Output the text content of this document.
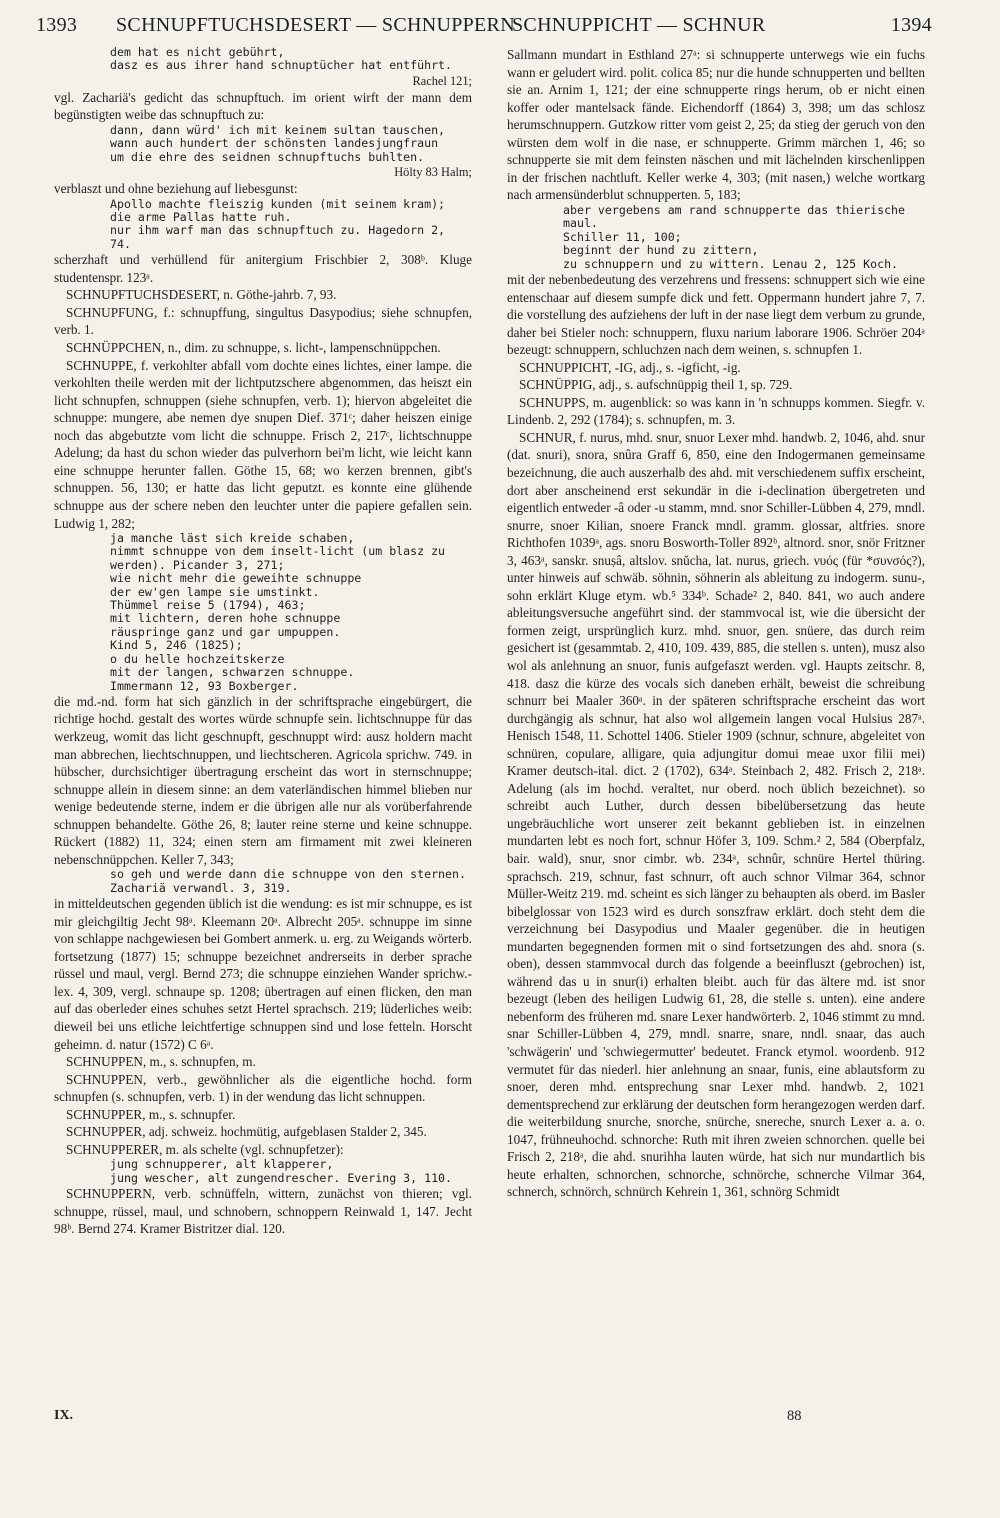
1393 SCHNUPFTUCHSDESERT — SCHNUPPERN
SCHNUPPICHT — SCHNUR	1394

dem hat es nicht gebührt,
dasz es aus ihrer hand schnuptücher hat entführt.

Rachel 121;

vgl. Zachariä's gedicht das schnupftuch. im orient wirft der mann dem begünstigten weibe das schnupftuch zu:

dann, dann würd' ich mit keinem sultan tauschen,
wann auch hundert der schönsten landesjungfraun
um die ehre des seidnen schnupftuchs buhlten.

Hölty 83 Halm;

verblaszt und ohne beziehung auf liebesgunst:

Apollo machte fleiszig kunden (mit seinem kram);
die arme Pallas hatte ruh.
nur ihm warf man das schnupftuch zu. Hagedorn 2, 74.

scherzhaft und verhüllend für anitergium Frischbier 2, 308ᵇ. Kluge studentenspr. 123ᵃ.

SCHNUPFTUCHSDESERT, n. Göthe-jahrb. 7, 93.

SCHNUPFUNG, f.: schnupffung, singultus Dasypodius; siehe schnupfen, verb. 1.

SCHNÜPPCHEN, n., dim. zu schnuppe, s. licht-, lampenschnüppchen.

SCHNUPPE, f. verkohlter abfall vom dochte eines lichtes, einer lampe. die verkohlten theile werden mit der lichtputzschere abgenommen, das heiszt ein licht schnupfen, schnuppen (siehe schnupfen, verb. 1); hiervon abgeleitet die schnuppe: mungere, abe nemen dye snupen Dief. 371ᶜ; daher heiszen einige noch das abgebutzte vom licht die schnuppe. Frisch 2, 217ᶜ, lichtschnuppe Adelung; da hast du schon wieder das pulverhorn bei'm licht, wie leicht kann eine schnuppe herunter fallen. Göthe 15, 68; wo kerzen brennen, gibt's schnuppen. 56, 130; er hatte das licht geputzt. es konnte eine glühende schnuppe aus der schere neben den leuchter unter die papiere gefallen sein. Ludwig 1, 282;

ja manche läst sich kreide schaben,
nimmt schnuppe von dem inselt-licht (um blasz zu werden). Picander 3, 271;

wie nicht mehr die geweihte schnuppe
der ew'gen lampe sie umstinkt.
Thümmel reise 5 (1794), 463;

mit lichtern, deren hohe schnuppe
räuspringe ganz und gar umpuppen.
Kind 5, 246 (1825);

o du helle hochzeitskerze
mit der langen, schwarzen schnuppe.
Immermann 12, 93 Boxberger.

die md.-nd. form hat sich gänzlich in der schriftsprache eingebürgert, die richtige hochd. gestalt des wortes würde schnupfe sein. lichtschnuppe für das werkzeug, womit das licht geschnupft, geschnuppt wird: ausz holdern macht man abbrechen, liechtschnuppen, und liechtscheren. Agricola sprichw. 749. in hübscher, durchsichtiger übertragung erscheint das wort in sternschnuppe; schnuppe allein in diesem sinne: an dem vaterländischen himmel blieben nur wenige bedeutende sterne, indem er die übrigen alle nur als vorüberfahrende schnuppen behandelte. Göthe 26, 8; lauter reine sterne und keine schnuppe. Rückert (1882) 11, 324; einen stern am firmament mit zwei kleineren nebenschnüppchen. Keller 7, 343;

so geh und werde dann die schnuppe von den sternen.
Zachariä verwandl. 3, 319.

in mitteldeutschen gegenden üblich ist die wendung: es ist mir schnuppe, es ist mir gleichgiltig Jecht 98ᵃ. Kleemann 20ᵃ. Albrecht 205ᵃ. schnuppe im sinne von schlappe nachgewiesen bei Gombert anmerk. u. erg. zu Weigands wörterb. fortsetzung (1877) 15; schnuppe bezeichnet andrerseits in derber sprache rüssel und maul, vergl. Bernd 273; die schnuppe einziehen Wander sprichw.-lex. 4, 309, vergl. schnaupe sp. 1208; übertragen auf einen flicken, den man auf das oberleder eines schuhes setzt Hertel sprachsch. 219; lüderliches weib: dieweil bei uns etliche leichtfertige schnuppen sind und lose fetteln. Horscht geheimn. d. natur (1572) C 6ᵃ.

SCHNUPPEN, m., s. schnupfen, m.

SCHNUPPEN, verb., gewöhnlicher als die eigentliche hochd. form schnupfen (s. schnupfen, verb. 1) in der wendung das licht schnuppen.

SCHNUPPER, m., s. schnupfer.

SCHNUPPER, adj. schweiz. hochmütig, aufgeblasen Stalder 2, 345.

SCHNUPPERER, m. als schelte (vgl. schnupfetzer):

jung schnupperer, alt klapperer,
jung wescher, alt zungendrescher. Evering 3, 110.

SCHNUPPERN, verb. schnüffeln, wittern, zunächst von thieren; vgl. schnuppe, rüssel, maul, und schnobern, schnoppern Reinwald 1, 147. Jecht 98ᵇ. Bernd 274. Kramer Bistritzer dial. 120.

Sallmann mundart in Esthland 27ᵃ: si schnupperte unterwegs wie ein fuchs wann er geludert wird. polit. colica 85; nur die hunde schnupperten und bellten sie an. Arnim 1, 121; der eine schnupperte rings herum, ob er nicht einen koffer oder mantelsack fände. Eichendorff (1864) 3, 398; um das schlosz herumschnuppern. Gutzkow ritter vom geist 2, 25; da stieg der geruch von den würsten dem wolf in die nase, er schnupperte. Grimm märchen 1, 46; so schnupperte sie mit dem feinsten näschen und mit lächelnden kirschenlippen in der frischen nachtluft. Keller werke 4, 303; (mit nasen,) welche wortkarg nach armensünderblut schnupperten. 5, 183;

aber vergebens am rand schnupperte das thierische maul.
Schiller 11, 100;

beginnt der hund zu zittern,
zu schnuppern und zu wittern. Lenau 2, 125 Koch.

mit der nebenbedeutung des verzehrens und fressens: schnuppert sich wie eine entenschaar auf diesem sumpfe dick und fett. Oppermann hundert jahre 7, 7. die vorstellung des aufziehens der luft in der nase liegt dem verbum zu grunde, daher bei Stieler noch: schnuppern, fluxu narium laborare 1906. Schröer 204ᵃ bezeugt: schnuppern, schluchzen nach dem weinen, s. schnupfen 1.

SCHNUPPICHT, -IG, adj., s. -igficht, -ig.

SCHNÜPPIG, adj., s. aufschnüppig theil 1, sp. 729.

SCHNUPPS, m. augenblick: so was kann in 'n schnupps kommen. Siegfr. v. Lindenb. 2, 292 (1784); s. schnupfen, m. 3.

SCHNUR, f. nurus, mhd. snur, snuor Lexer mhd. handwb. 2, 1046, ahd. snur (dat. snuri), snora, snûra Graff 6, 850, eine den Indogermanen gemeinsame bezeichnung, die auch auszerhalb des ahd. mit verschiedenem suffix erscheint, dort aber anscheinend erst sekundär in die i-declination übergetreten und eigentlich entweder -â oder -u stamm, mnd. snor Schiller-Lübben 4, 279, mndl. snurre, snoer Kilian, snoere Franck mndl. gramm. glossar, altfries. snore Richthofen 1039ᵃ, ags. snoru Bosworth-Toller 892ᵇ, altnord. snor, snör Fritzner 3, 463ᵃ, sanskr. snuṣâ, altslov. snŭcha, lat. nurus, griech. νυός (für *συνσός?), unter hinweis auf schwäb. söhnin, söhnerin als ableitung zu indogerm. sunu-, sohn erklärt Kluge etym. wb.⁵ 334ᵇ. Schade² 2, 840. 841, wo auch andere ableitungsversuche angeführt sind. der stammvocal ist, wie die übersicht der formen zeigt, ursprünglich kurz. mhd. snuor, gen. snüere, das durch reim gesichert ist (gesammtab. 2, 410, 109. 439, 885, die stellen s. unten), musz also wol als anlehnung an snuor, funis aufgefaszt werden. vgl. Haupts zeitschr. 8, 418. dasz die kürze des vocals sich daneben erhält, beweist die schreibung schnurr bei Maaler 360ᵃ. in der späteren schriftsprache erscheint das wort durchgängig als schnur, hat also wol allgemein langen vocal Hulsius 287ᵃ. Henisch 1548, 11. Schottel 1406. Stieler 1909 (schnur, schnure, abgeleitet von schnüren, copulare, alligare, quia adjungitur domui meae uxor filii mei) Kramer deutsch-ital. dict. 2 (1702), 634ᵃ. Steinbach 2, 482. Frisch 2, 218ᵃ. Adelung (als im hochd. veraltet, nur oberd. noch üblich bezeichnet). so schreibt auch Luther, durch dessen bibelübersetzung das heute ungebräuchliche wort unserer zeit bekannt geblieben ist. in einzelnen mundarten lebt es noch fort, schnur Höfer 3, 109. Schm.² 2, 584 (Oberpfalz, bair. wald), snur, snor cimbr. wb. 234ᵃ, schnûr, schnüre Hertel thüring. sprachsch. 219, schnur, fast schnurr, oft auch schnor Vilmar 364, schnor Müller-Weitz 219. md. scheint es sich länger zu behaupten als oberd. im Basler bibelglossar von 1523 wird es durch sonszfraw erklärt. doch steht dem die verzeichnung bei Dasypodius und Maaler gegenüber. die in heutigen mundarten begegnenden formen mit o sind fortsetzungen des ahd. snora (s. oben), dessen stammvocal durch das folgende a beeinfluszt (gebrochen) ist, während das u in snur(i) erhalten bleibt. auch für das ältere md. ist snor bezeugt (leben des heiligen Ludwig 61, 28, die stelle s. unten). eine andere nebenform des früheren md. snare Lexer handwörterb. 2, 1046 stimmt zu mnd. snar Schiller-Lübben 4, 279, mndl. snarre, snare, nndl. snaar, das auch 'schwägerin' und 'schwiegermutter' bedeutet. Franck etymol. woordenb. 912 vermutet für das niederl. hier anlehnung an snaar, funis, eine ablautsform zu snoer, deren mhd. entsprechung snar Lexer mhd. handwb. 2, 1021 dementsprechend zur erklärung der deutschen form herangezogen werden darf. die weiterbildung snurche, snorche, snürche, snereche, snurch Lexer a. a. o. 1047, frühneuhochd. schnorche: Ruth mit ihren zweien schnorchen. quelle bei Frisch 2, 218ᵃ, die ahd. snurihha lauten würde, hat sich nur mundartlich bis heute erhalten, schnorchen, schnorche, schnörche, schnerche Vilmar 364, schnerch, schnörch, schnürch Kehrein 1, 361, schnörg Schmidt

IX.	88
